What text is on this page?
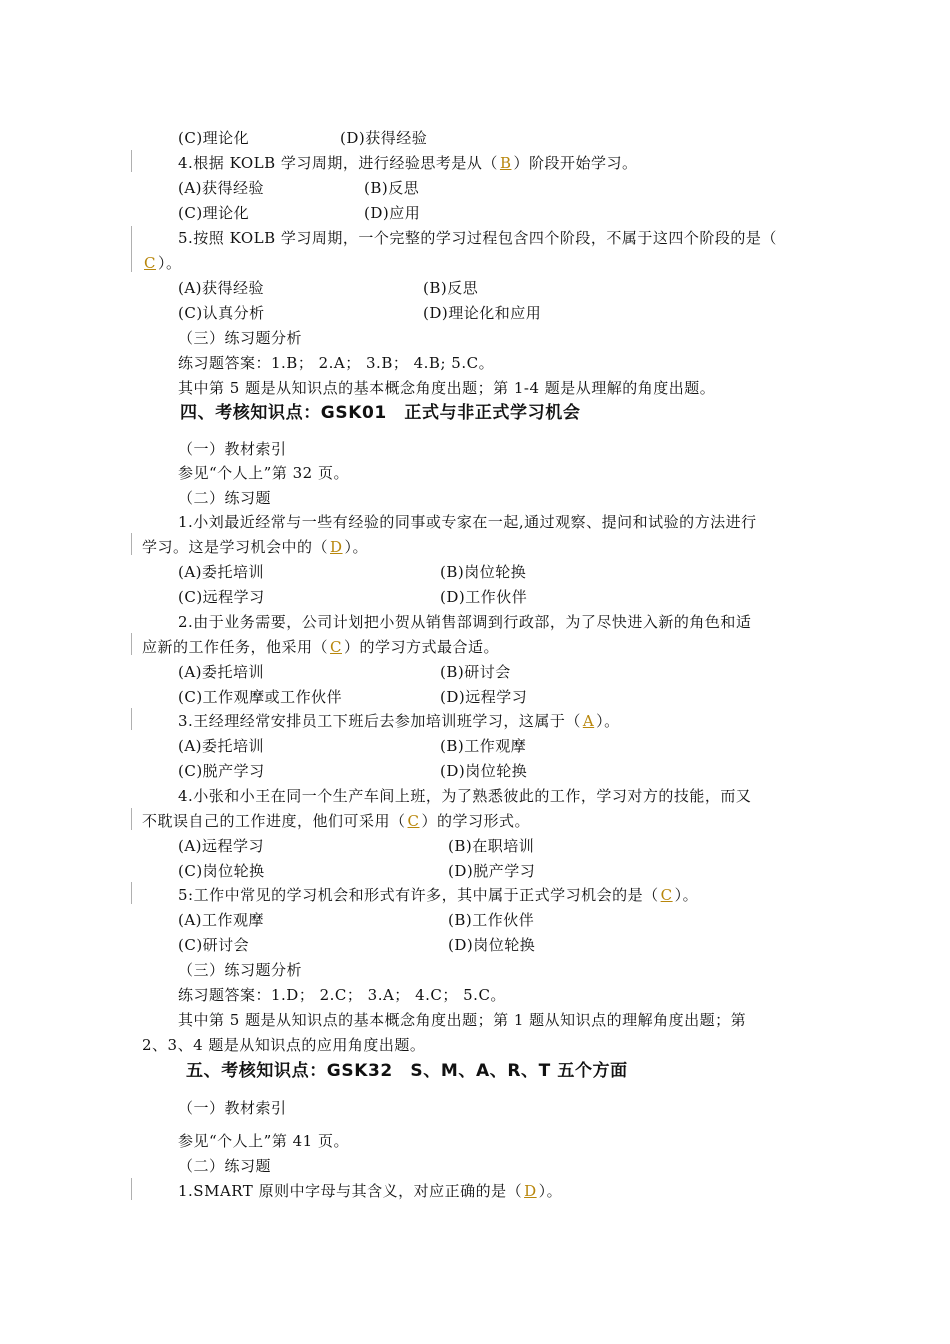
(C)理论化	(D)获得经验
4.根据 KOLB 学习周期，进行经验思考是从（ B ）阶段开始学习。
(A)获得经验	(B)反思
(C)理论化	(D)应用
5.按照 KOLB 学习周期，一个完整的学习过程包含四个阶段，不属于这四个阶段的是（
C ）。
(A)获得经验	(B)反思
(C)认真分析	(D)理论化和应用
（三）练习题分析
练习题答案：1.B； 2.A； 3.B； 4.B; 5.C。
其中第 5 题是从知识点的基本概念角度出题；第 1-4 题是从理解的角度出题。
四、考核知识点：GSK01　正式与非正式学习机会
（一）教材索引
参见“个人上”第 32 页。
（二）练习题
1.小刘最近经常与一些有经验的同事或专家在一起,通过观察、提问和试验的方法进行
学习。这是学习机会中的（ D ）。
(A)委托培训	(B)岗位轮换
(C)远程学习	(D)工作伙伴
2.由于业务需要，公司计划把小贺从销售部调到行政部，为了尽快进入新的角色和适
应新的工作任务，他采用（ C ）的学习方式最合适。
(A)委托培训	(B)研讨会
(C)工作观摩或工作伙伴	(D)远程学习
3.王经理经常安排员工下班后去参加培训班学习，这属于（ A ）。
(A)委托培训	(B)工作观摩
(C)脱产学习	(D)岗位轮换
4.小张和小王在同一个生产车间上班，为了熟悉彼此的工作，学习对方的技能，而又
不耽误自己的工作进度，他们可采用（ C ）的学习形式。
(A)远程学习	(B)在职培训
(C)岗位轮换	(D)脱产学习
5:工作中常见的学习机会和形式有许多，其中属于正式学习机会的是（ C ）。
(A)工作观摩	(B)工作伙伴
(C)研讨会	(D)岗位轮换
（三）练习题分析
练习题答案：1.D； 2.C； 3.A； 4.C； 5.C。
其中第 5 题是从知识点的基本概念角度出题；第 1 题从知识点的理解角度出题；第
2、3、4 题是从知识点的应用角度出题。
五、考核知识点：GSK32　S、M、A、R、T 五个方面
（一）教材索引
参见“个人上”第 41 页。
（二）练习题
1.SMART 原则中字母与其含义，对应正确的是（ D ）。
